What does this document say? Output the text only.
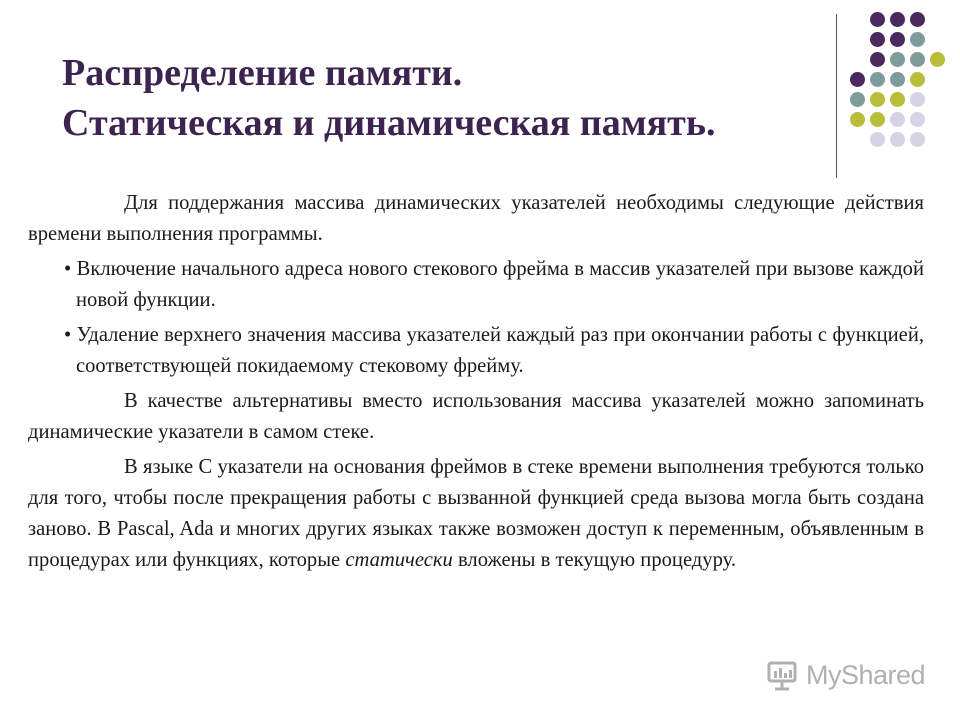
Распределение памяти.
Статическая и динамическая память.

Для поддержания массива динамических указателей необходимы следующие действия времени выполнения программы.

• Включение начального адреса нового стекового фрейма в массив указателей при вызове каждой новой функции.

• Удаление верхнего значения массива указателей каждый раз при окончании работы с функцией, соответствующей покидаемому стековому фрейму.

В качестве альтернативы вместо использования массива указателей можно запоминать динамические указатели в самом стеке.

В языке С указатели на основания фреймов в стеке времени выполнения требуются только для того, чтобы после прекращения работы с вызванной функцией среда вызова могла быть создана заново. В Pascal, Ada и многих других языках также возможен доступ к переменным, объявленным в процедурах или функциях, которые статически вложены в текущую процедуру.

MyShared
